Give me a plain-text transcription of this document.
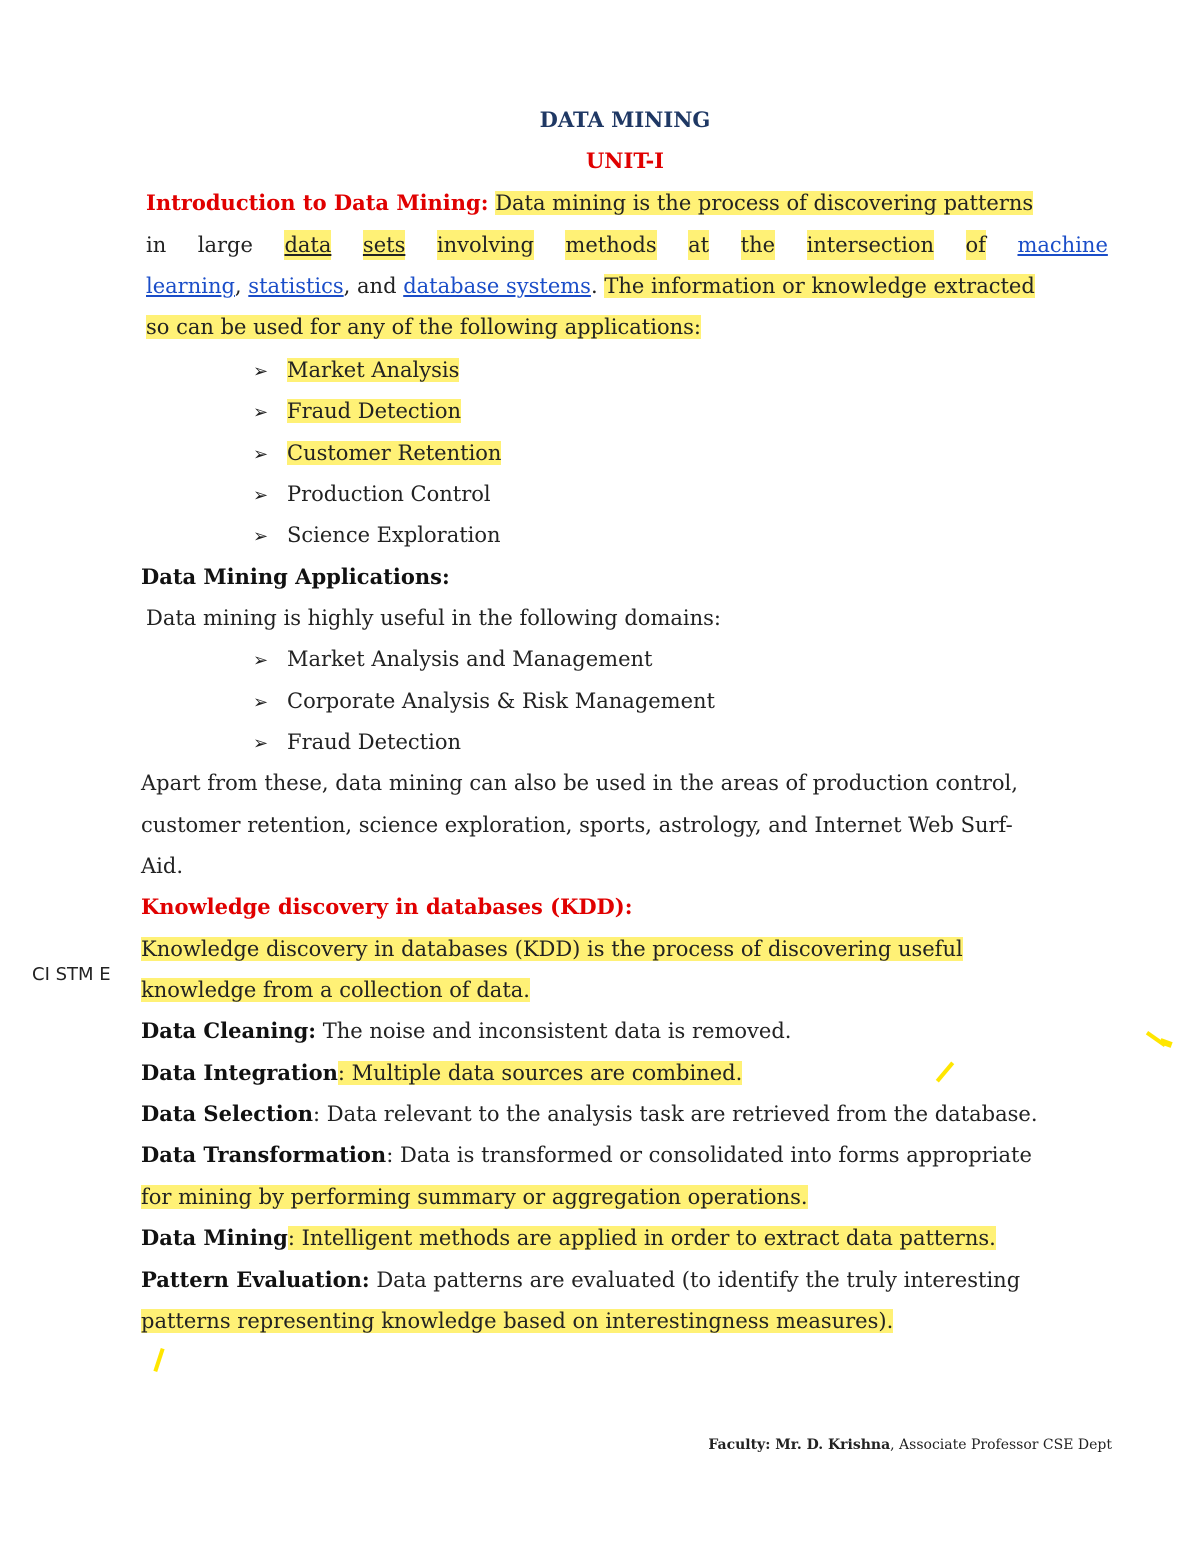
DATA MINING
UNIT-I
Introduction to Data Mining: Data mining is the process of discovering patterns
in large data sets involving methods at the intersection of machine
learning, statistics, and database systems. The information or knowledge extracted
so can be used for any of the following applications:
➢ Market Analysis
➢ Fraud Detection
➢ Customer Retention
➢ Production Control
➢ Science Exploration
Data Mining Applications:
Data mining is highly useful in the following domains:
➢ Market Analysis and Management
➢ Corporate Analysis & Risk Management
➢ Fraud Detection
Apart from these, data mining can also be used in the areas of production control,
customer retention, science exploration, sports, astrology, and Internet Web Surf-
Aid.
Knowledge discovery in databases (KDD):
Knowledge discovery in databases (KDD) is the process of discovering useful
knowledge from a collection of data.
Data Cleaning: The noise and inconsistent data is removed.
Data Integration: Multiple data sources are combined.
Data Selection: Data relevant to the analysis task are retrieved from the database.
Data Transformation: Data is transformed or consolidated into forms appropriate
for mining by performing summary or aggregation operations.
Data Mining: Intelligent methods are applied in order to extract data patterns.
Pattern Evaluation: Data patterns are evaluated (to identify the truly interesting
patterns representing knowledge based on interestingness measures).
CI STM E
Faculty: Mr. D. Krishna, Associate Professor CSE Dept
